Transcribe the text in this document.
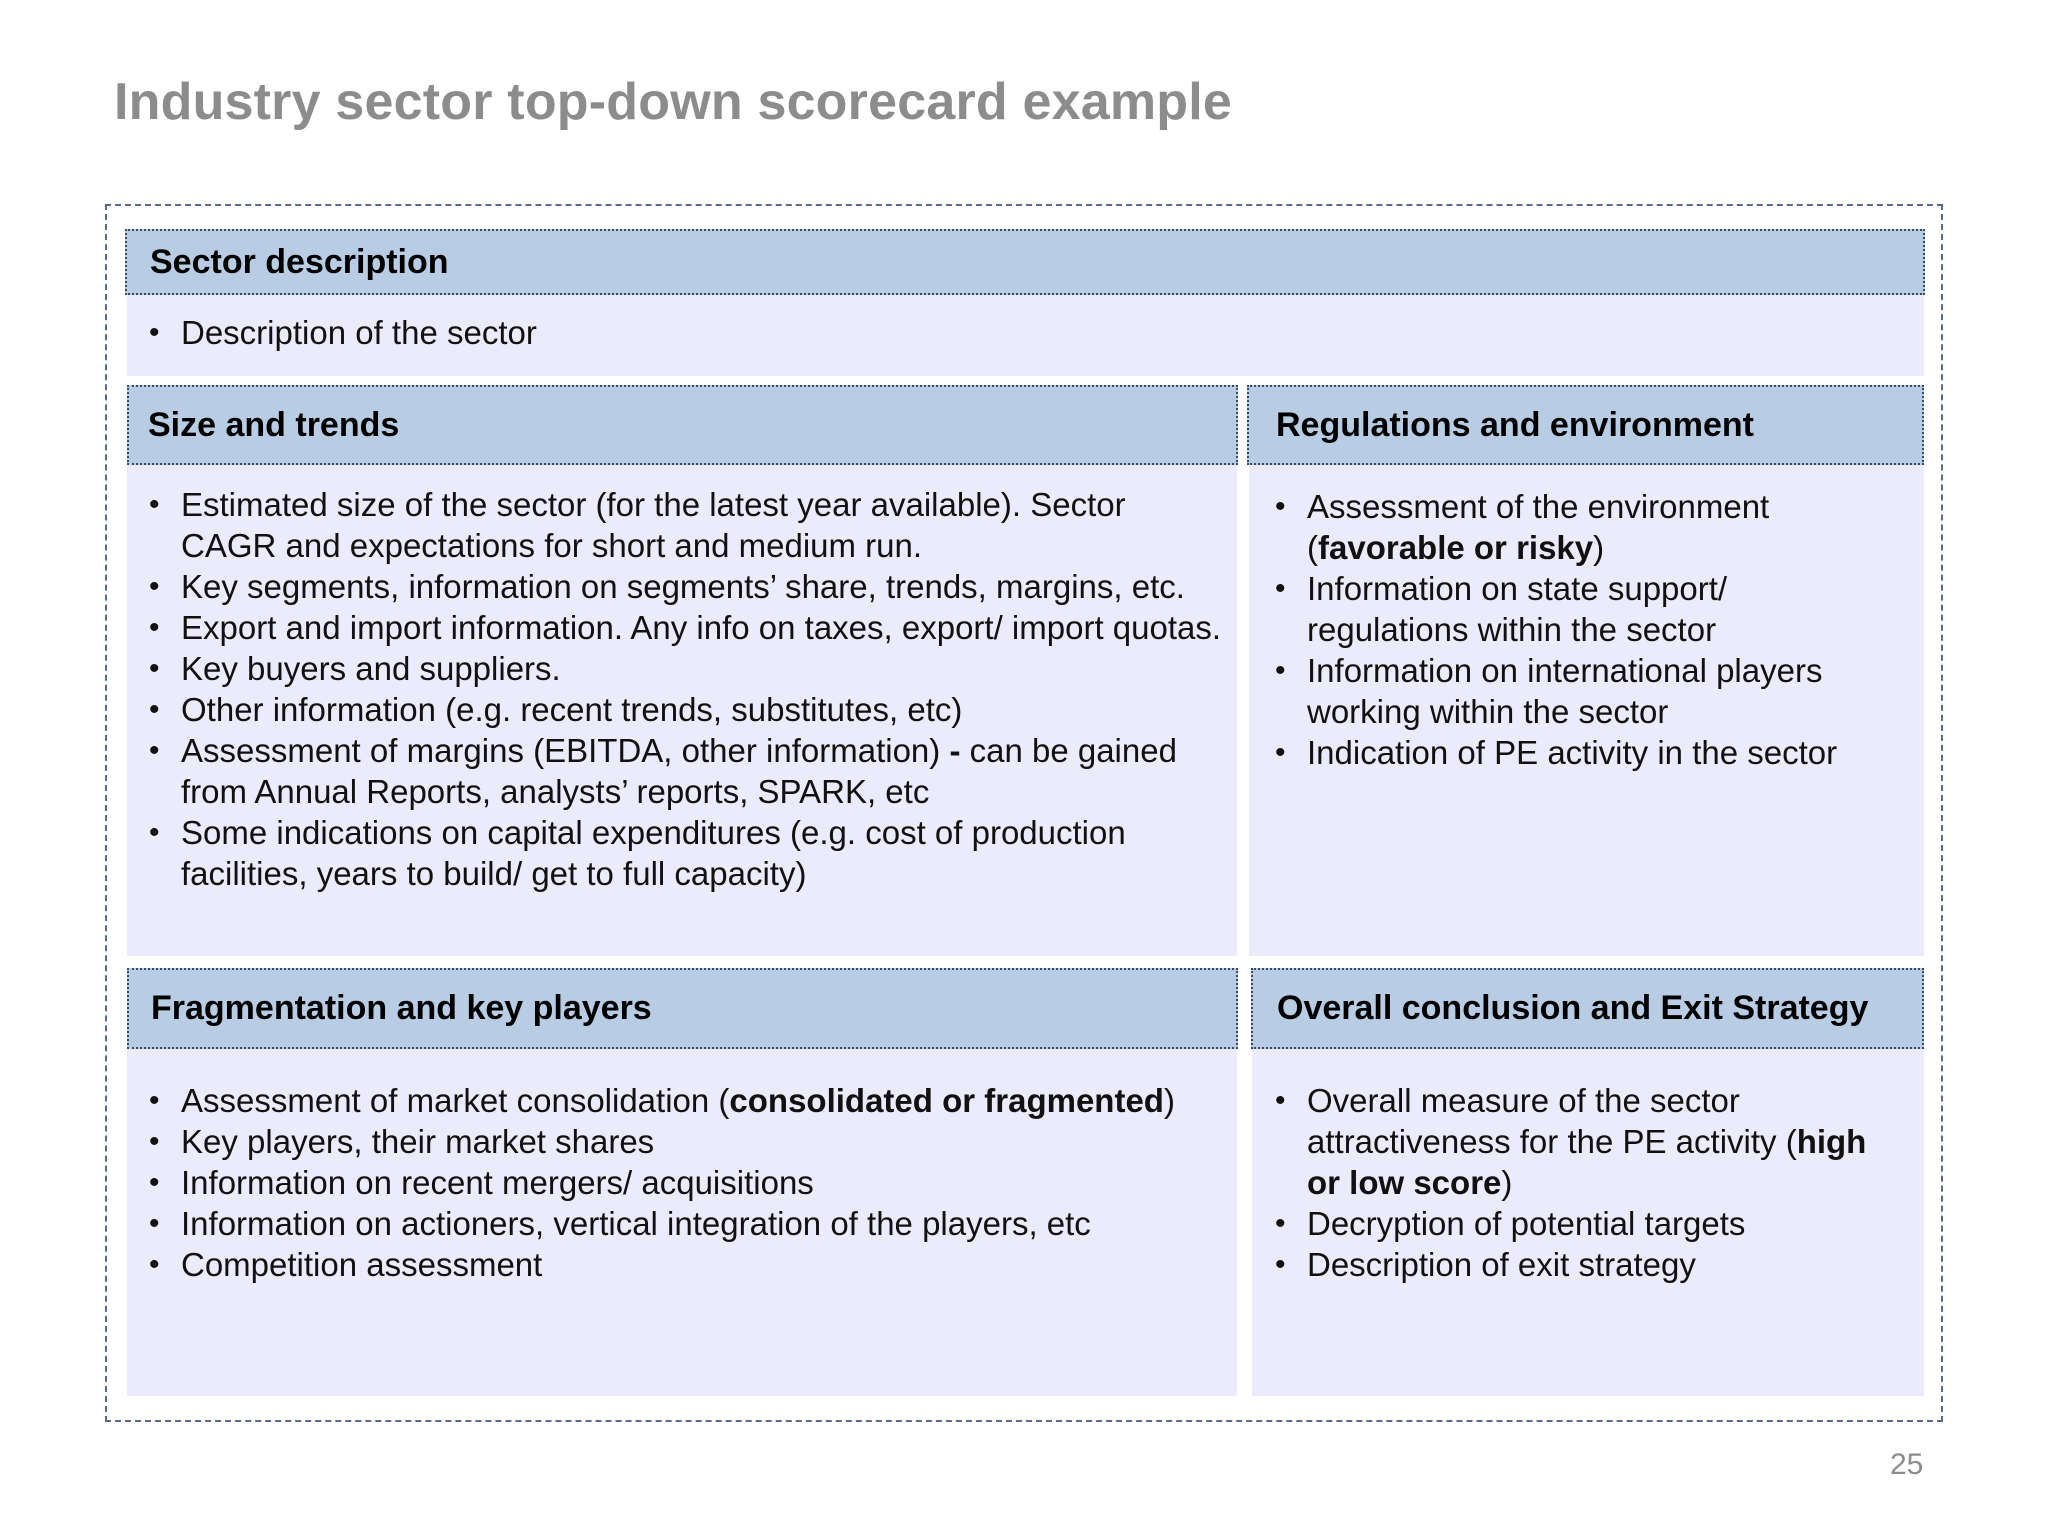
Industry sector top-down scorecard example
• Description of the sector
Sector description
• Estimated size of the sector (for the latest year available). Sector CAGR and expectations for short and medium run.
• Key segments, information on segments’ share, trends, margins, etc.
• Export and import information. Any info on taxes, export/ import quotas.
• Key buyers and suppliers.
• Other information (e.g. recent trends, substitutes, etc)
• Assessment of margins (EBITDA, other information) - can be gained from Annual Reports, analysts’ reports, SPARK, etc
• Some indications on capital expenditures (e.g. cost of production facilities, years to build/ get to full capacity)
Size and trends
• Assessment of the environment (favorable or risky)
• Information on state support/ regulations within the sector
• Information on international players working within the sector
• Indication of PE activity in the sector
Regulations and environment
• Assessment of market consolidation (consolidated or fragmented)
• Key players, their market shares
• Information on recent mergers/ acquisitions
• Information on actioners, vertical integration of the players, etc
• Competition assessment
Fragmentation and key players
• Overall measure of the sector attractiveness for the PE activity (high or low score)
• Decryption of potential targets
• Description of exit strategy
Overall conclusion and Exit Strategy
25
